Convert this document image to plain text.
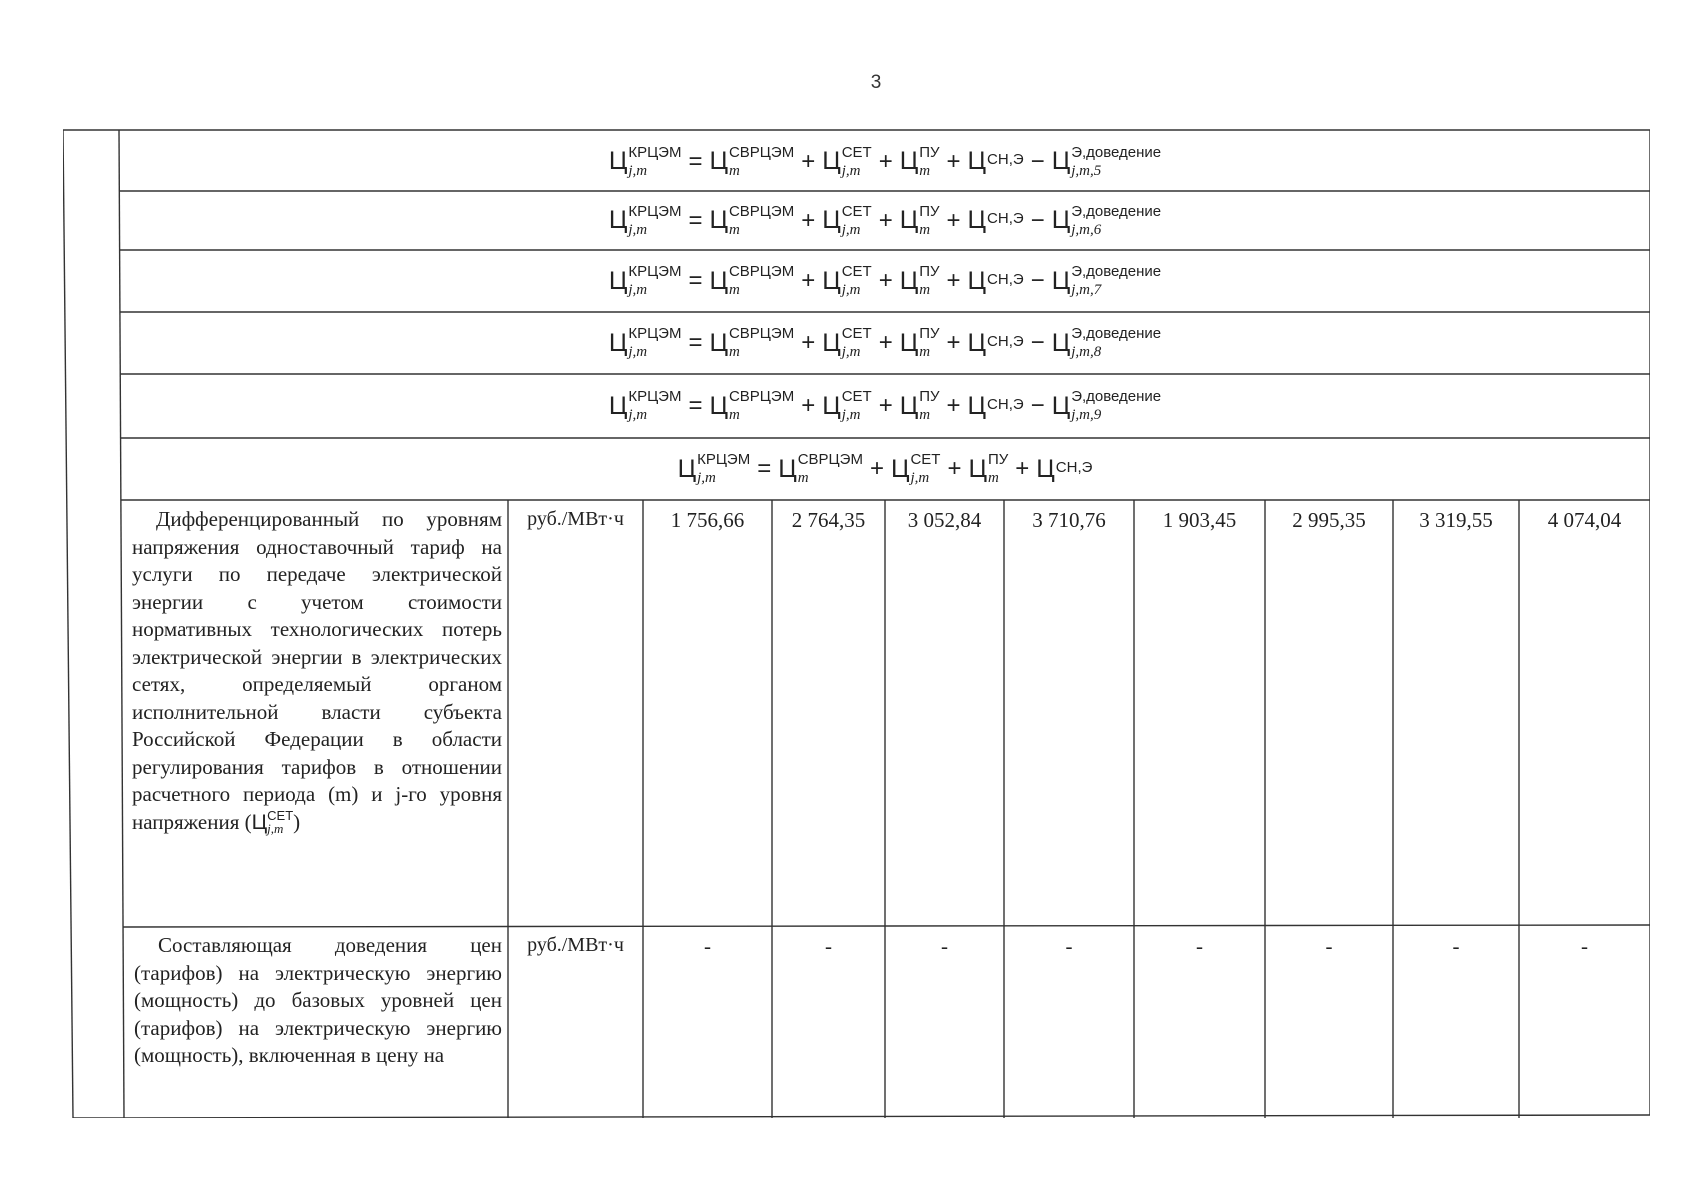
3
Ц КРЦЭМ
j,m	= Ц СВРЦЭМ
m	+ Ц СЕТ
j,m + Ц ПУ
m + Ц СН,Э − Ц Э,доведение
j,m,5
Ц КРЦЭМ
j,m	= Ц СВРЦЭМ
m	+ Ц СЕТ
j,m + Ц ПУ
m + Ц СН,Э − Ц Э,доведение
j,m,6
Ц КРЦЭМ
j,m	= Ц СВРЦЭМ
m	+ Ц СЕТ
j,m + Ц ПУ
m + Ц СН,Э − Ц Э,доведение
j,m,7
Ц КРЦЭМ
j,m	= Ц СВРЦЭМ
m	+ Ц СЕТ
j,m + Ц ПУ
m + Ц СН,Э − Ц Э,доведение
j,m,8
Ц КРЦЭМ
j,m	= Ц СВРЦЭМ
m	+ Ц СЕТ
j,m + Ц ПУ
m + Ц СН,Э − Ц Э,доведение
j,m,9
Ц КРЦЭМ
j,m	= Ц СВРЦЭМ
m	+ Ц СЕТ
j,m + Ц ПУ
m + Ц СН,Э
Дифференцированный по уровням напряжения одноставочный тариф на услуги по передаче электрической энергии с учетом стоимости нормативных технологических потерь электрической энергии в электрических сетях, определяемый органом исполнительной власти субъекта Российской Федерации в области регулирования тарифов в отношении расчетного периода (m) и j-го уровня напряжения ( Ц СЕТ
j,m )
руб./МВт·ч	1 756,66	2 764,35	3 052,84	3 710,76	1 903,45	2 995,35	3 319,55	4 074,04
Составляющая доведения цен (тарифов) на электрическую энергию (мощность) до базовых уровней цен (тарифов) на электрическую энергию (мощность), включенная в цену на
руб./МВт·ч	-	-	-	-	-	-	-	-
